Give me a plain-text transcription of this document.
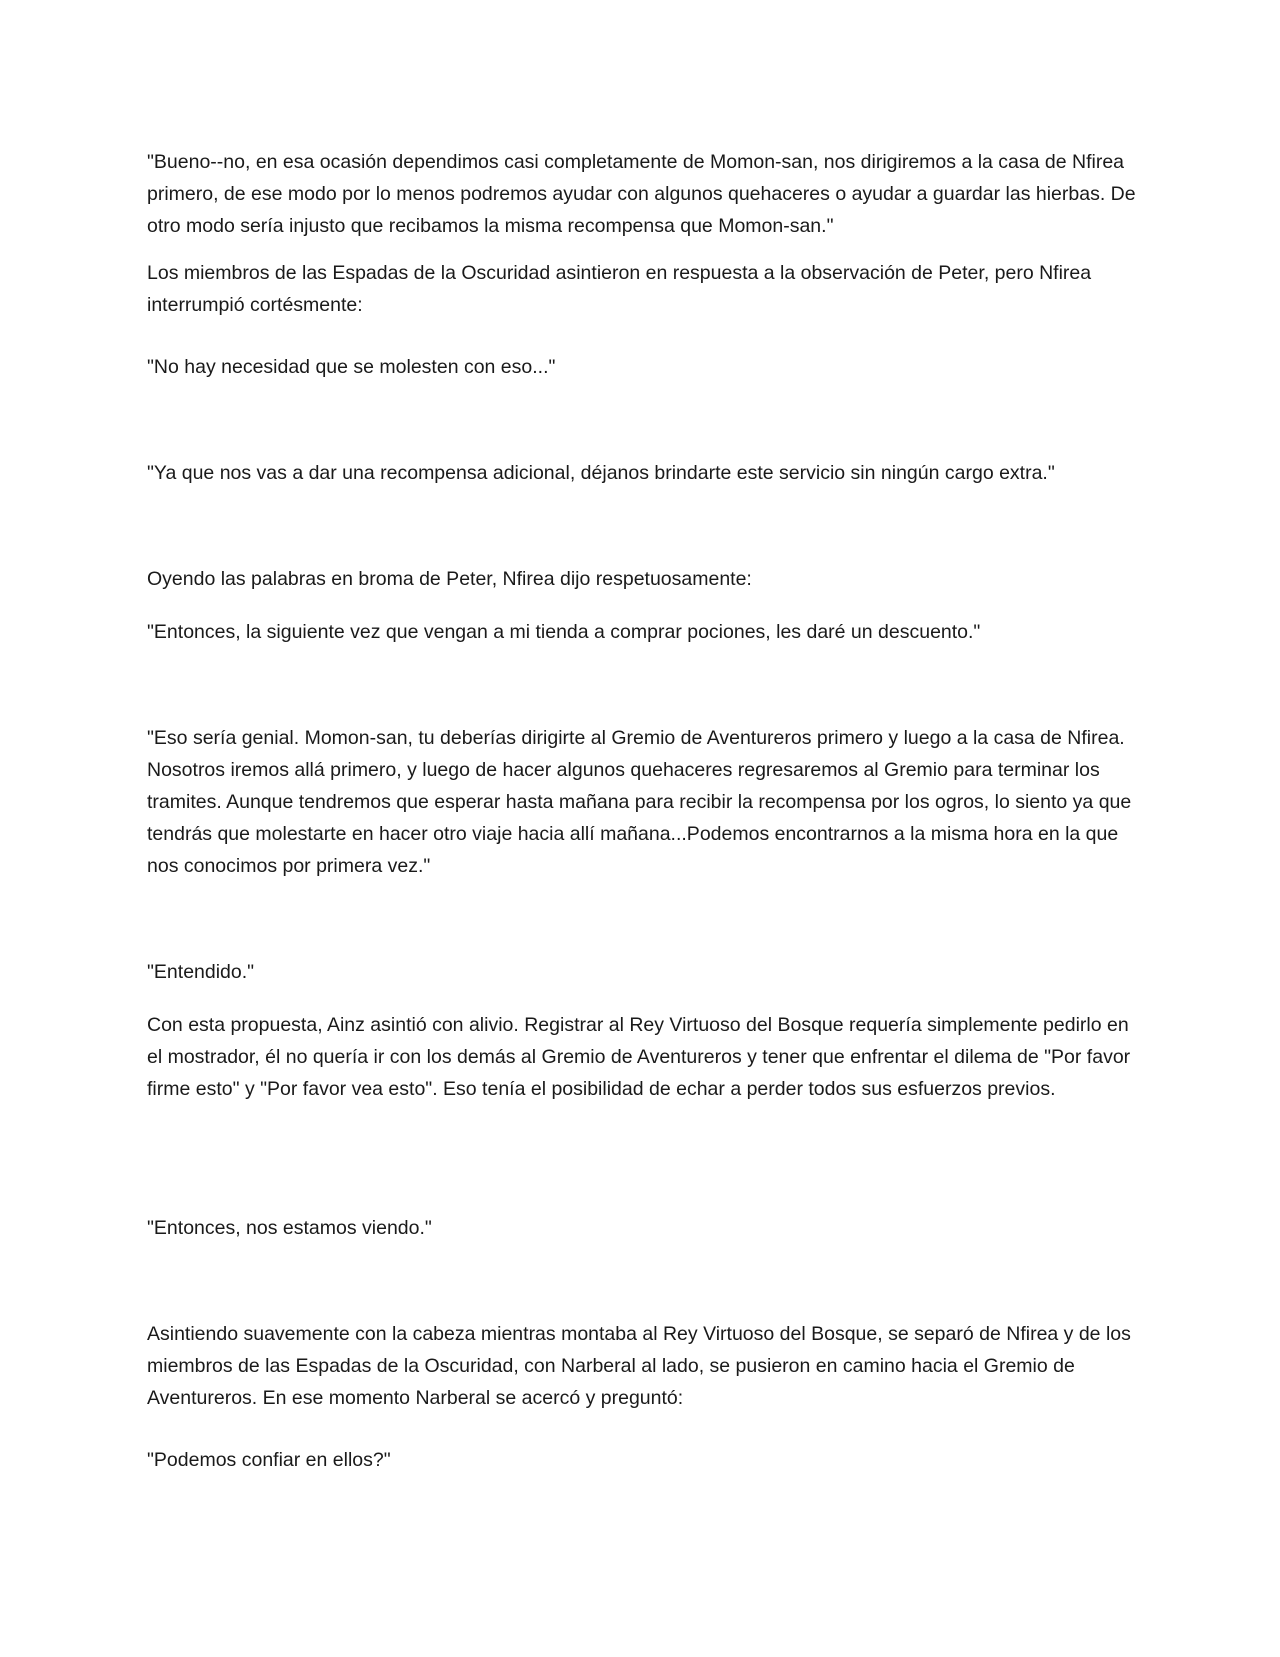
"Bueno--no, en esa ocasión dependimos casi completamente de Momon-san, nos dirigiremos a la casa de Nfirea primero, de ese modo por lo menos podremos ayudar con algunos quehaceres o ayudar a guardar las hierbas. De otro modo sería injusto que recibamos la misma recompensa que Momon-san."

Los miembros de las Espadas de la Oscuridad asintieron en respuesta a la observación de Peter, pero Nfirea interrumpió cortésmente:

"No hay necesidad que se molesten con eso..."

"Ya que nos vas a dar una recompensa adicional, déjanos brindarte este servicio sin ningún cargo extra."

Oyendo las palabras en broma de Peter, Nfirea dijo respetuosamente:

"Entonces, la siguiente vez que vengan a mi tienda a comprar pociones, les daré un descuento."

"Eso sería genial. Momon-san, tu deberías dirigirte al Gremio de Aventureros primero y luego a la casa de Nfirea. Nosotros iremos allá primero, y luego de hacer algunos quehaceres regresaremos al Gremio para terminar los tramites. Aunque tendremos que esperar hasta mañana para recibir la recompensa por los ogros, lo siento ya que tendrás que molestarte en hacer otro viaje hacia allí mañana...Podemos encontrarnos a la misma hora en la que nos conocimos por primera vez."

"Entendido."

Con esta propuesta, Ainz asintió con alivio. Registrar al Rey Virtuoso del Bosque requería simplemente pedirlo en el mostrador, él no quería ir con los demás al Gremio de Aventureros y tener que enfrentar el dilema de "Por favor firme esto" y "Por favor vea esto". Eso tenía el posibilidad de echar a perder todos sus esfuerzos previos.

"Entonces, nos estamos viendo."

Asintiendo suavemente con la cabeza mientras montaba al Rey Virtuoso del Bosque, se separó de Nfirea y de los miembros de las Espadas de la Oscuridad, con Narberal al lado, se pusieron en camino hacia el Gremio de Aventureros. En ese momento Narberal se acercó y preguntó:

"Podemos confiar en ellos?"
